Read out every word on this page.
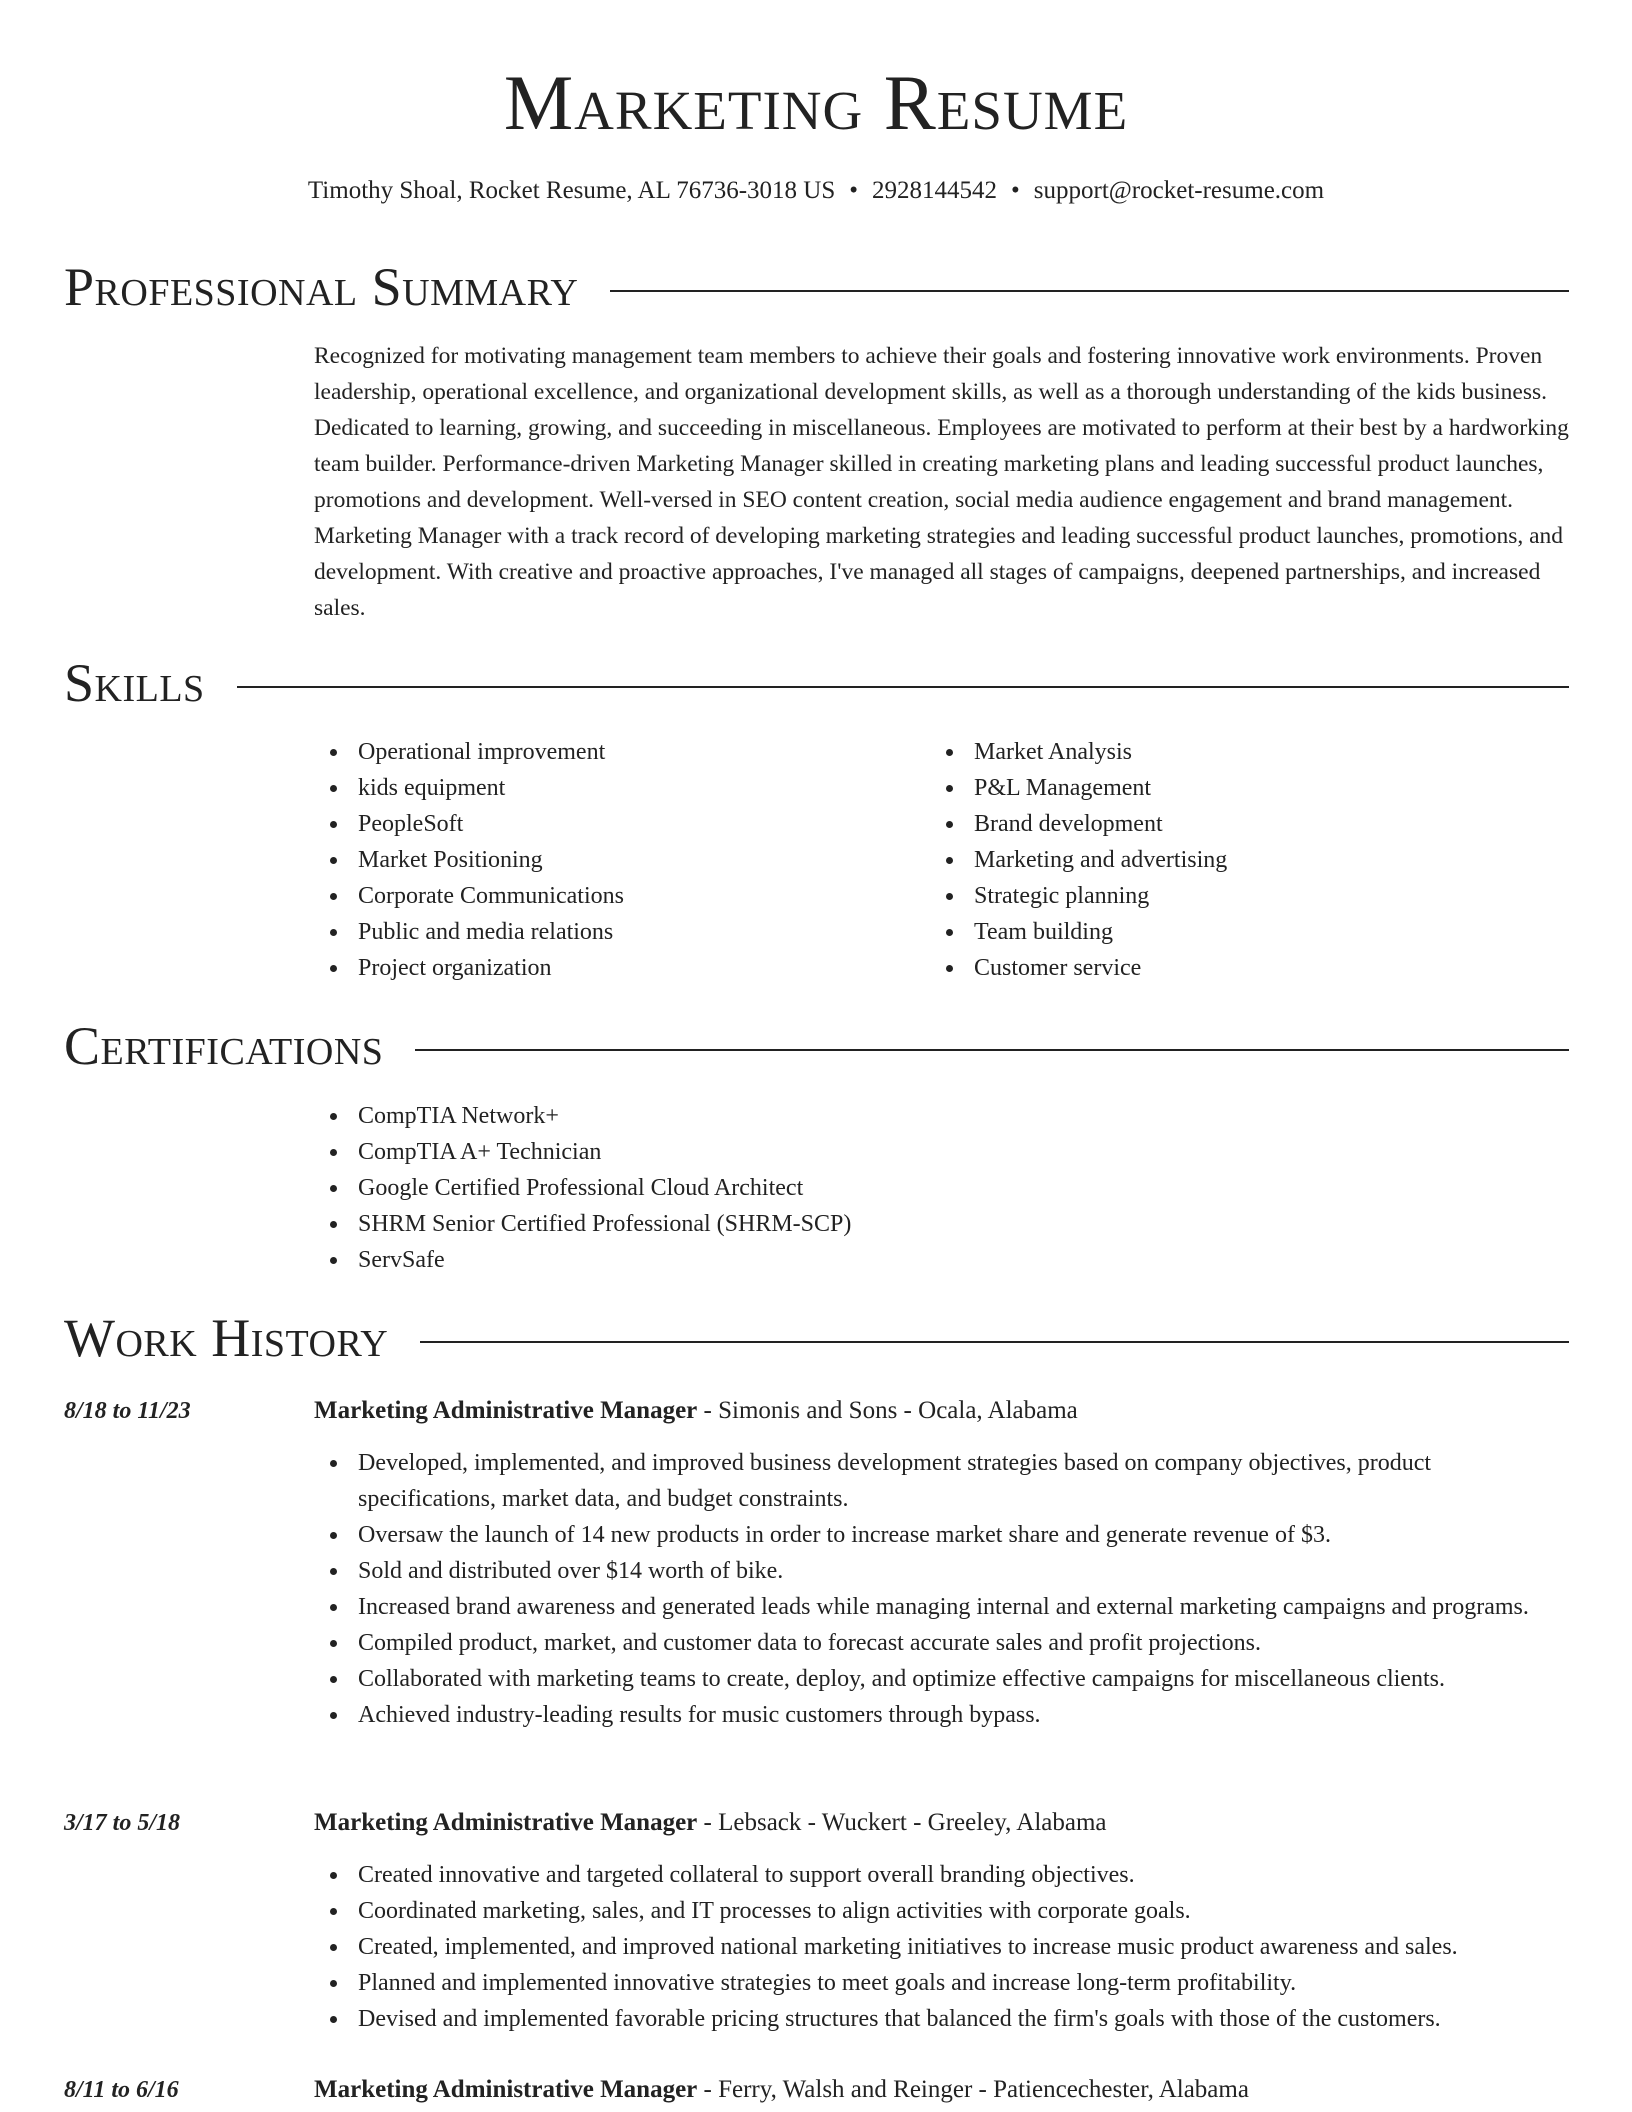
Marketing Resume
Timothy Shoal, Rocket Resume, AL 76736-3018 US • 2928144542 • support@rocket-resume.com
Professional Summary
Recognized for motivating management team members to achieve their goals and fostering innovative work environments. Proven leadership, operational excellence, and organizational development skills, as well as a thorough understanding of the kids business. Dedicated to learning, growing, and succeeding in miscellaneous. Employees are motivated to perform at their best by a hardworking team builder. Performance-driven Marketing Manager skilled in creating marketing plans and leading successful product launches, promotions and development. Well-versed in SEO content creation, social media audience engagement and brand management. Marketing Manager with a track record of developing marketing strategies and leading successful product launches, promotions, and development. With creative and proactive approaches, I've managed all stages of campaigns, deepened partnerships, and increased sales.
Skills
Operational improvement
kids equipment
PeopleSoft
Market Positioning
Corporate Communications
Public and media relations
Project organization
Market Analysis
P&L Management
Brand development
Marketing and advertising
Strategic planning
Team building
Customer service
Certifications
CompTIA Network+
CompTIA A+ Technician
Google Certified Professional Cloud Architect
SHRM Senior Certified Professional (SHRM-SCP)
ServSafe
Work History
8/18 to 11/23	Marketing Administrative Manager - Simonis and Sons - Ocala, Alabama
Developed, implemented, and improved business development strategies based on company objectives, product specifications, market data, and budget constraints.
Oversaw the launch of 14 new products in order to increase market share and generate revenue of $3.
Sold and distributed over $14 worth of bike.
Increased brand awareness and generated leads while managing internal and external marketing campaigns and programs.
Compiled product, market, and customer data to forecast accurate sales and profit projections.
Collaborated with marketing teams to create, deploy, and optimize effective campaigns for miscellaneous clients.
Achieved industry-leading results for music customers through bypass.
3/17 to 5/18	Marketing Administrative Manager - Lebsack - Wuckert - Greeley, Alabama
Created innovative and targeted collateral to support overall branding objectives.
Coordinated marketing, sales, and IT processes to align activities with corporate goals.
Created, implemented, and improved national marketing initiatives to increase music product awareness and sales.
Planned and implemented innovative strategies to meet goals and increase long-term profitability.
Devised and implemented favorable pricing structures that balanced the firm's goals with those of the customers.
8/11 to 6/16	Marketing Administrative Manager - Ferry, Walsh and Reinger - Patiencechester, Alabama
